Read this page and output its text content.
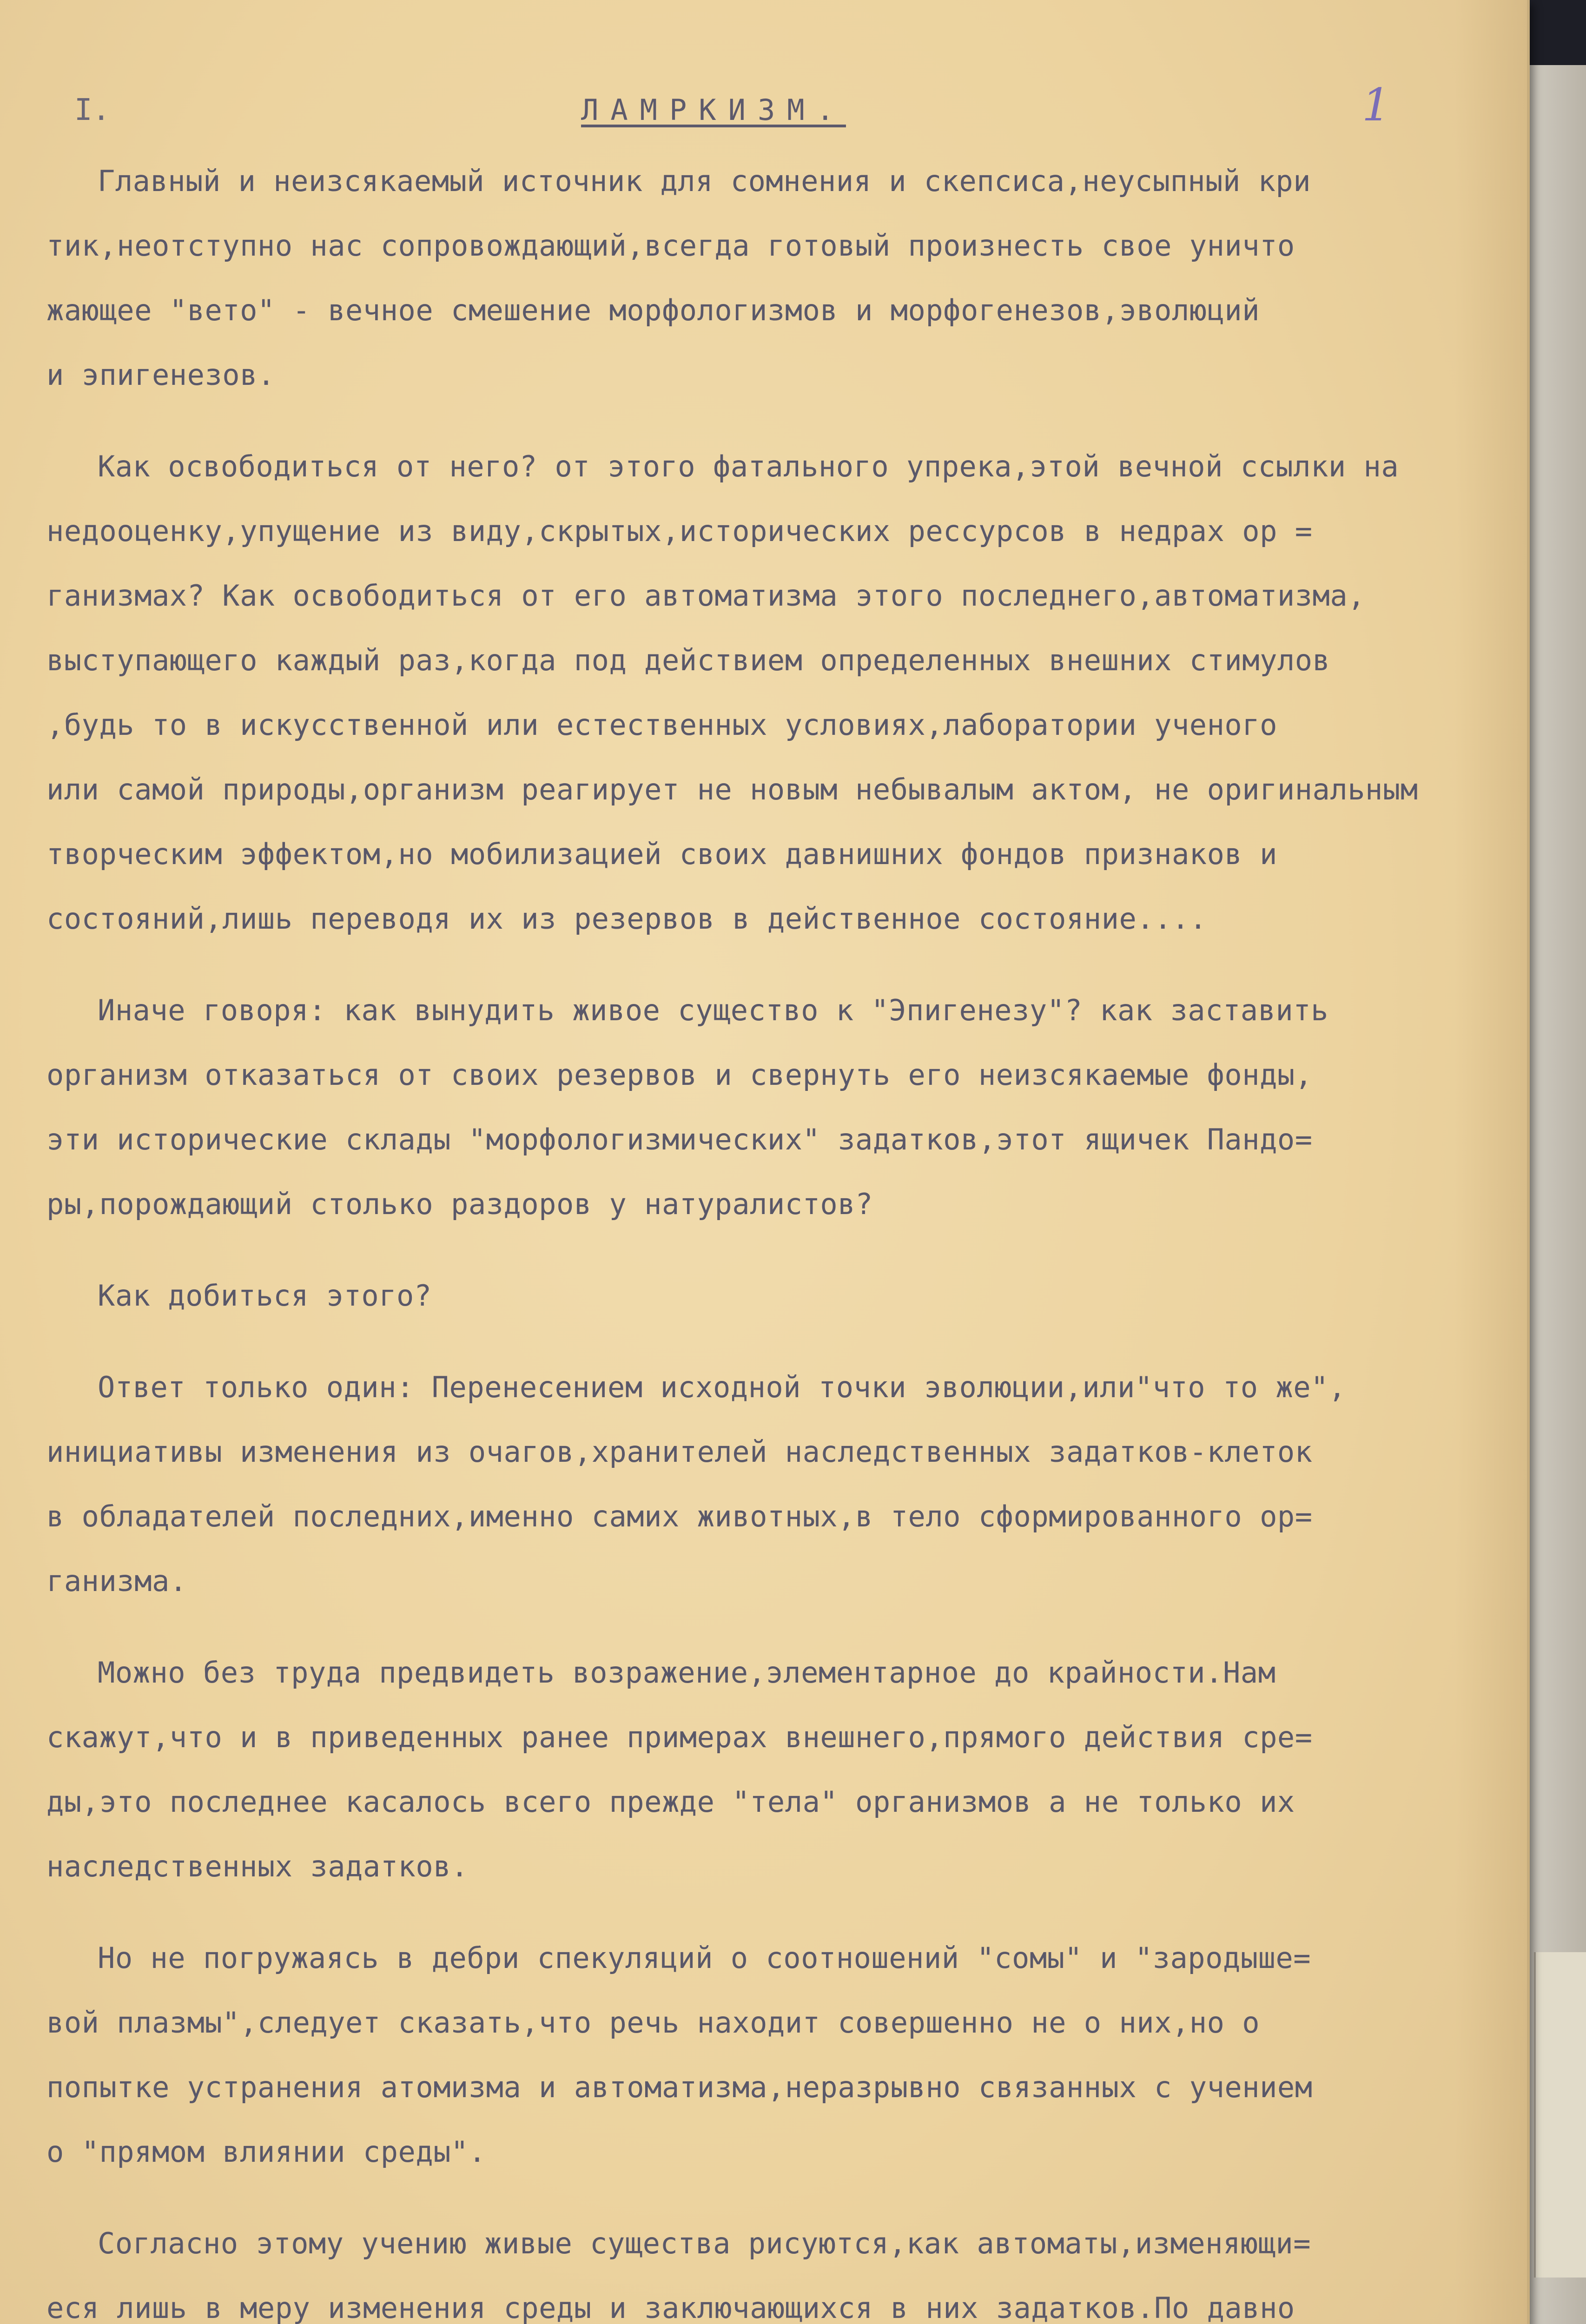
I.	ЛАМРКИЗМ.	1
Главный и неизсякаемый источник для сомнения и скепсиса,неусыпный кри
тик,неотступно нас сопровождающий,всегда готовый произнесть свое уничто
жающее "вето" - вечное смешение морфологизмов и морфогенезов,эволюций
и эпигенезов.
Как освободиться от него? от этого фатального упрека,этой вечной ссылки на
недооценку,упущение из виду,скрытых,исторических рессурсов в недрах ор =
ганизмах? Как освободиться от его автоматизма этого последнего,автоматизма,
выступающего каждый раз,когда под действием определенных внешних стимулов
,будь то в искусственной или естественных условиях,лаборатории ученого
или самой природы,организм реагирует не новым небывалым актом, не оригинальным
творческим эффектом,но мобилизацией своих давнишних фондов признаков и
состояний,лишь переводя их из резервов в действенное состояние....
Иначе говоря: как вынудить живое существо к "Эпигенезу"? как заставить
организм отказаться от своих резервов и свернуть его неизсякаемые фонды,
эти исторические склады "морфологизмических" задатков,этот ящичек Пандо=
ры,порождающий столько раздоров у натуралистов?
Как добиться этого?
Ответ только один: Перенесением исходной точки эволюции,или"что то же",
инициативы изменения из очагов,хранителей наследственных задатков-клеток
в обладателей последних,именно самих животных,в тело сформированного ор=
ганизма.
Можно без труда предвидеть возражение,элементарное до крайности.Нам
скажут,что и в приведенных ранее примерах внешнего,прямого действия сре=
ды,это последнее касалось всего прежде "тела" организмов а не только их
наследственных задатков.
Но не погружаясь в дебри спекуляций о соотношений "сомы" и "зародыше=
вой плазмы",следует сказать,что речь находит совершенно не о них,но о
попытке устранения атомизма и автоматизма,неразрывно связанных с учением
о "прямом влиянии среды".
Согласно этому учению живые существа рисуются,как автоматы,изменяющи=
еся лишь в меру изменения среды и заключающихся в них задатков.По давно
